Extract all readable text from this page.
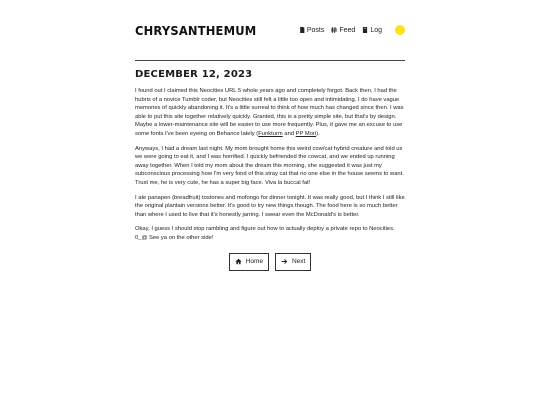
CHRYSANTHEMUM	Posts Feed Log
DECEMBER 12, 2023

I found out I claimed this Neocities URL 5 whole years ago and completely forgot. Back then, I had the hubris of a novice Tumblr coder, but Neocities still felt a little too open and intimidating. I do have vague memories of quickly abandoning it. It's a little surreal to think of how much has changed since then. I was able to put this site together relatively quickly. Granted, this is a pretty simple site, but that's by design. Maybe a lower-maintenance site will be easier to use more frequently. Plus, it gave me an excuse to use some fonts I've been eyeing on Behance lately (Funkturm and PP Mori).

Anyways, I had a dream last night. My mom brought home this weird cow/cat hybrid creature and told us we were going to eat it, and I was horrified. I quickly befriended the cowcat, and we ended up running away together. When I told my mom about the dream this morning, she suggested it was just my subconscious processing how I'm very fond of this stray cat that no one else in the house seems to want. Trust me, he is very cute, he has a super big face. Viva la buccal fat!

I ate panapen (breadfruit) tostones and mofongo for dinner tonight. It was really good, but I think I still like the original plantain versions better. It's good to try new things though. The food here is so much better than where I used to live that it's honestly jarring. I swear even the McDonald's is better.

Okay, I guess I should stop rambling and figure out how to actually deploy a private repo to Neocities. 0_@ See ya on the other side!

Home	Next
